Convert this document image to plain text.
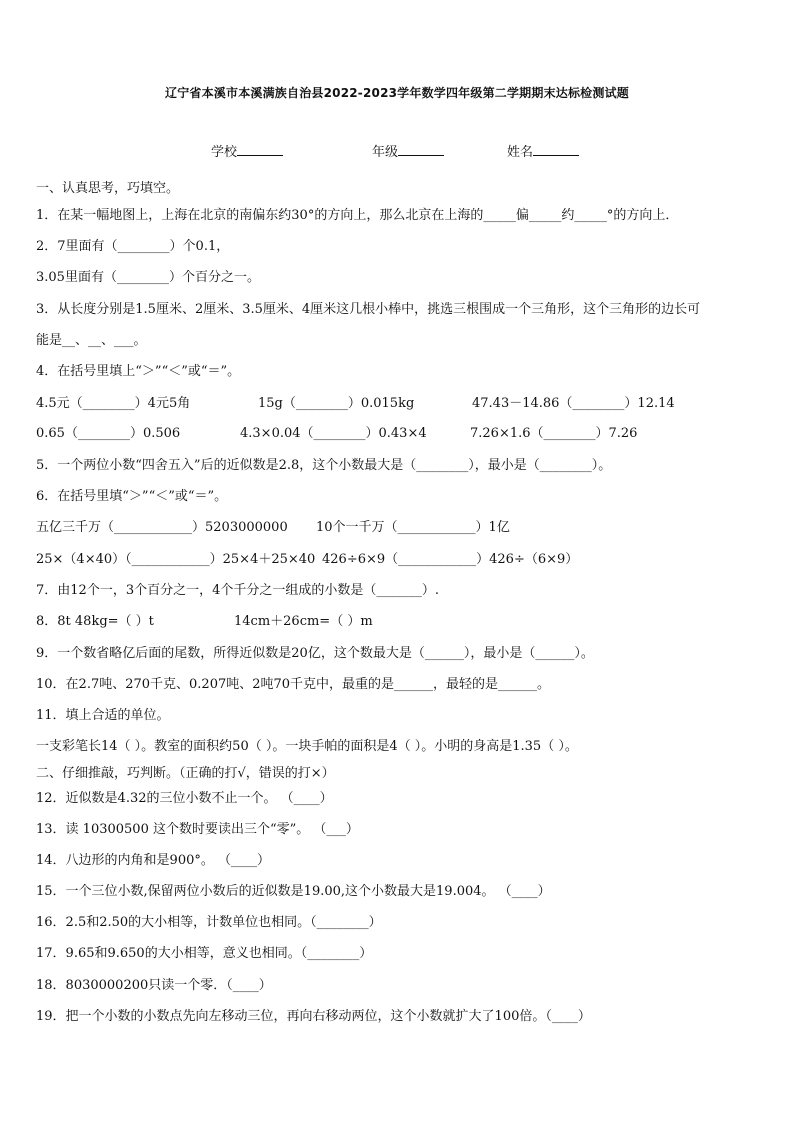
辽宁省本溪市本溪满族自治县2022-2023学年数学四年级第二学期期末达标检测试题
学校	年级	姓名
一、认真思考，巧填空。
1．在某一幅地图上，上海在北京的南偏东约30°的方向上，那么北京在上海的_____偏_____约_____°的方向上．
2．7里面有（________）个0.1，
3.05里面有（________）个百分之一。
3．从长度分别是1.5厘米、2厘米、3.5厘米、4厘米这几根小棒中，挑选三根围成一个三角形，这个三角形的边长可
能是__、__、___。
4．在括号里填上“＞”“＜”或“＝”。
4.5元（________）4元5角	15g（________）0.015kg	47.43－14.86（________）12.14
0.65（________）0.506	4.3×0.04（________）0.43×4	7.26×1.6（________）7.26
5．一个两位小数“四舍五入”后的近似数是2.8，这个小数最大是（________），最小是（________）。
6．在括号里填“＞”“＜”或“＝”。
五亿三千万（____________）5203000000 10个一千万（____________）1亿
25×（4×40）（____________）25×4＋25×40 426÷6×9（____________）426÷（6×9）
7．由12个一，3个百分之一，4个千分之一组成的小数是（_______）.
8．8t 48kg=（ ）t	14cm＋26cm=（ ）m
9．一个数省略亿后面的尾数，所得近似数是20亿，这个数最大是（______），最小是（______）。
10．在2.7吨、270千克、0.207吨、2吨70千克中，最重的是______，最轻的是______。
11．填上合适的单位。
一支彩笔长14（ ）。教室的面积约50（ ）。一块手帕的面积是4（ ）。小明的身高是1.35（ ）。
二、仔细推敲，巧判断。（正确的打√，错误的打×）
12．近似数是4.32的三位小数不止一个。 （____）
13．读 10300500 这个数时要读出三个“零”。 （___）
14．八边形的内角和是900°。 （____）
15．一个三位小数,保留两位小数后的近似数是19.00,这个小数最大是19.004。 （____）
16．2.5和2.50的大小相等，计数单位也相同。（________）
17．9.65和9.650的大小相等，意义也相同。（________）
18．8030000200只读一个零．（____）
19．把一个小数的小数点先向左移动三位，再向右移动两位，这个小数就扩大了100倍。（____）
